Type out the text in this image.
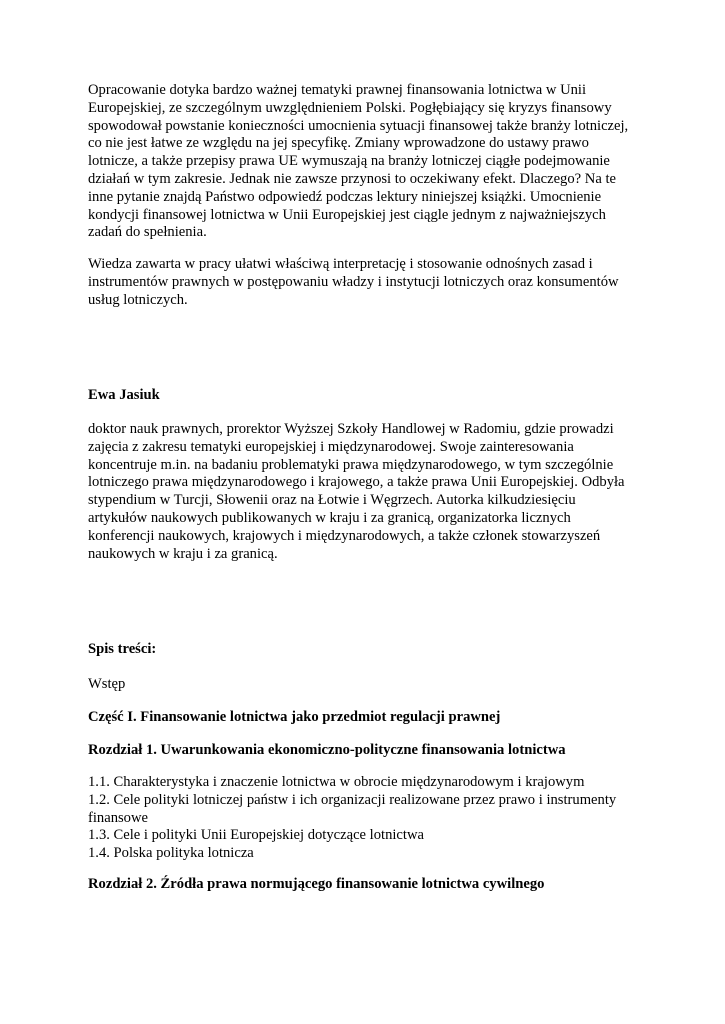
Opracowanie dotyka bardzo ważnej tematyki prawnej finansowania lotnictwa w Unii
Europejskiej, ze szczególnym uwzględnieniem Polski. Pogłębiający się kryzys finansowy
spowodował powstanie konieczności umocnienia sytuacji finansowej także branży lotniczej,
co nie jest łatwe ze względu na jej specyfikę. Zmiany wprowadzone do ustawy prawo
lotnicze, a także przepisy prawa UE wymuszają na branży lotniczej ciągłe podejmowanie
działań w tym zakresie. Jednak nie zawsze przynosi to oczekiwany efekt. Dlaczego? Na te
inne pytanie znajdą Państwo odpowiedź podczas lektury niniejszej książki. Umocnienie
kondycji finansowej lotnictwa w Unii Europejskiej jest ciągle jednym z najważniejszych
zadań do spełnienia.

Wiedza zawarta w pracy ułatwi właściwą interpretację i stosowanie odnośnych zasad i
instrumentów prawnych w postępowaniu władzy i instytucji lotniczych oraz konsumentów
usług lotniczych.

Ewa Jasiuk

doktor nauk prawnych, prorektor Wyższej Szkoły Handlowej w Radomiu, gdzie prowadzi
zajęcia z zakresu tematyki europejskiej i międzynarodowej. Swoje zainteresowania
koncentruje m.in. na badaniu problematyki prawa międzynarodowego, w tym szczególnie
lotniczego prawa międzynarodowego i krajowego, a także prawa Unii Europejskiej. Odbyła
stypendium w Turcji, Słowenii oraz na Łotwie i Węgrzech. Autorka kilkudziesięciu
artykułów naukowych publikowanych w kraju i za granicą, organizatorka licznych
konferencji naukowych, krajowych i międzynarodowych, a także członek stowarzyszeń
naukowych w kraju i za granicą.

Spis treści:

Wstęp

Część I. Finansowanie lotnictwa jako przedmiot regulacji prawnej

Rozdział 1. Uwarunkowania ekonomiczno-polityczne finansowania lotnictwa

1.1. Charakterystyka i znaczenie lotnictwa w obrocie międzynarodowym i krajowym
1.2. Cele polityki lotniczej państw i ich organizacji realizowane przez prawo i instrumenty
finansowe
1.3. Cele i polityki Unii Europejskiej dotyczące lotnictwa
1.4. Polska polityka lotnicza

Rozdział 2. Źródła prawa normującego finansowanie lotnictwa cywilnego
